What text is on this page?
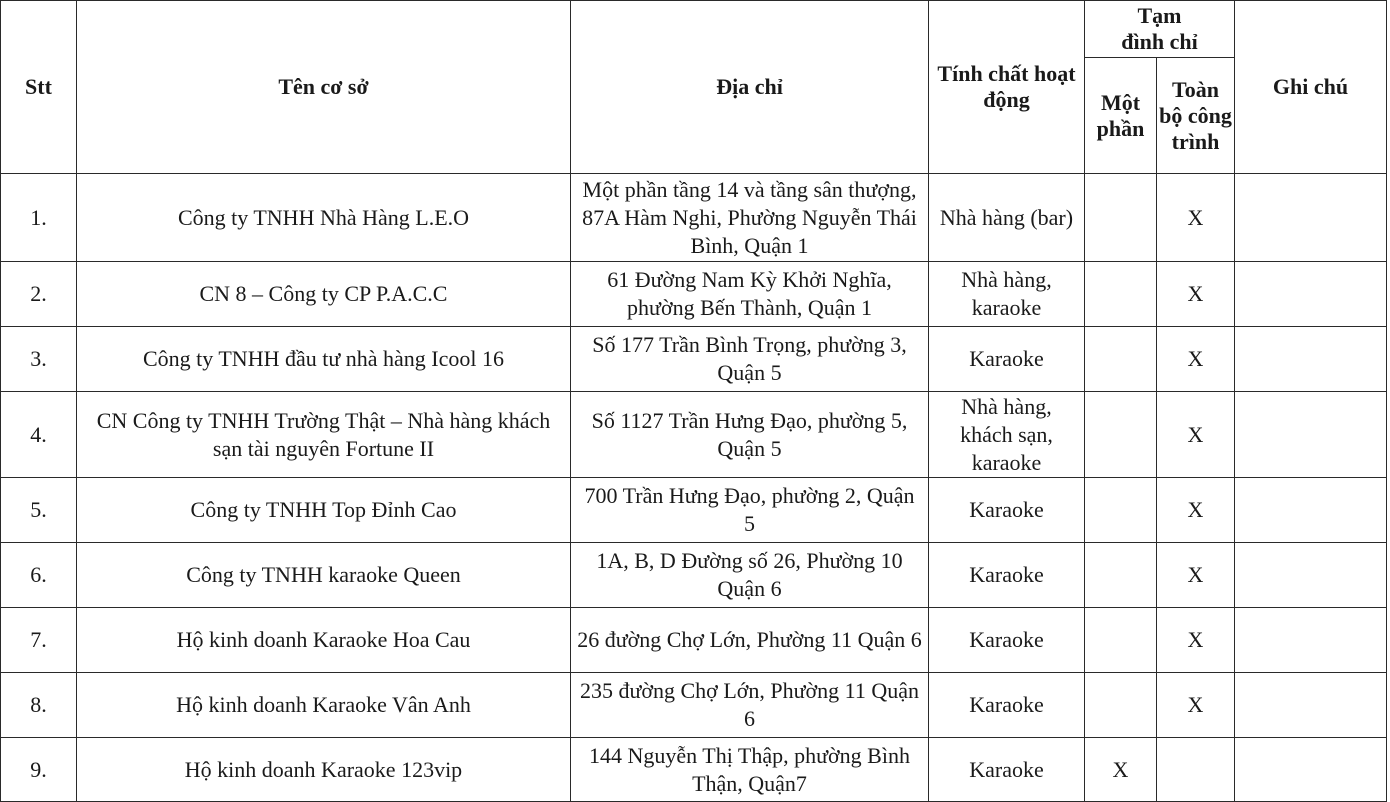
Stt	Tên cơ sở	Địa chỉ	Tính chất hoạt động	Tạm đình chỉ		Ghi chú
				Một phần	Toàn bộ công trình	
1.	Công ty TNHH Nhà Hàng L.E.O	Một phần tầng 14 và tầng sân thượng, 87A Hàm Nghi, Phường Nguyễn Thái Bình, Quận 1	Nhà hàng (bar)		X	
2.	CN 8 – Công ty CP P.A.C.C	61 Đường Nam Kỳ Khởi Nghĩa, phường Bến Thành, Quận 1	Nhà hàng, karaoke		X	
3.	Công ty TNHH đầu tư nhà hàng Icool 16	Số 177 Trần Bình Trọng, phường 3, Quận 5	Karaoke		X	
4.	CN Công ty TNHH Trường Thật – Nhà hàng khách sạn tài nguyên Fortune II	Số 1127 Trần Hưng Đạo, phường 5, Quận 5	Nhà hàng, khách sạn, karaoke		X	
5.	Công ty TNHH Top Đỉnh Cao	700 Trần Hưng Đạo, phường 2, Quận 5	Karaoke		X	
6.	Công ty TNHH karaoke Queen	1A, B, D Đường số 26, Phường 10 Quận 6	Karaoke		X	
7.	Hộ kinh doanh Karaoke Hoa Cau	26 đường Chợ Lớn, Phường 11 Quận 6	Karaoke		X	
8.	Hộ kinh doanh Karaoke Vân Anh	235 đường Chợ Lớn, Phường 11 Quận 6	Karaoke		X	
9.	Hộ kinh doanh Karaoke 123vip	144 Nguyễn Thị Thập, phường Bình Thận, Quận7	Karaoke	X		
